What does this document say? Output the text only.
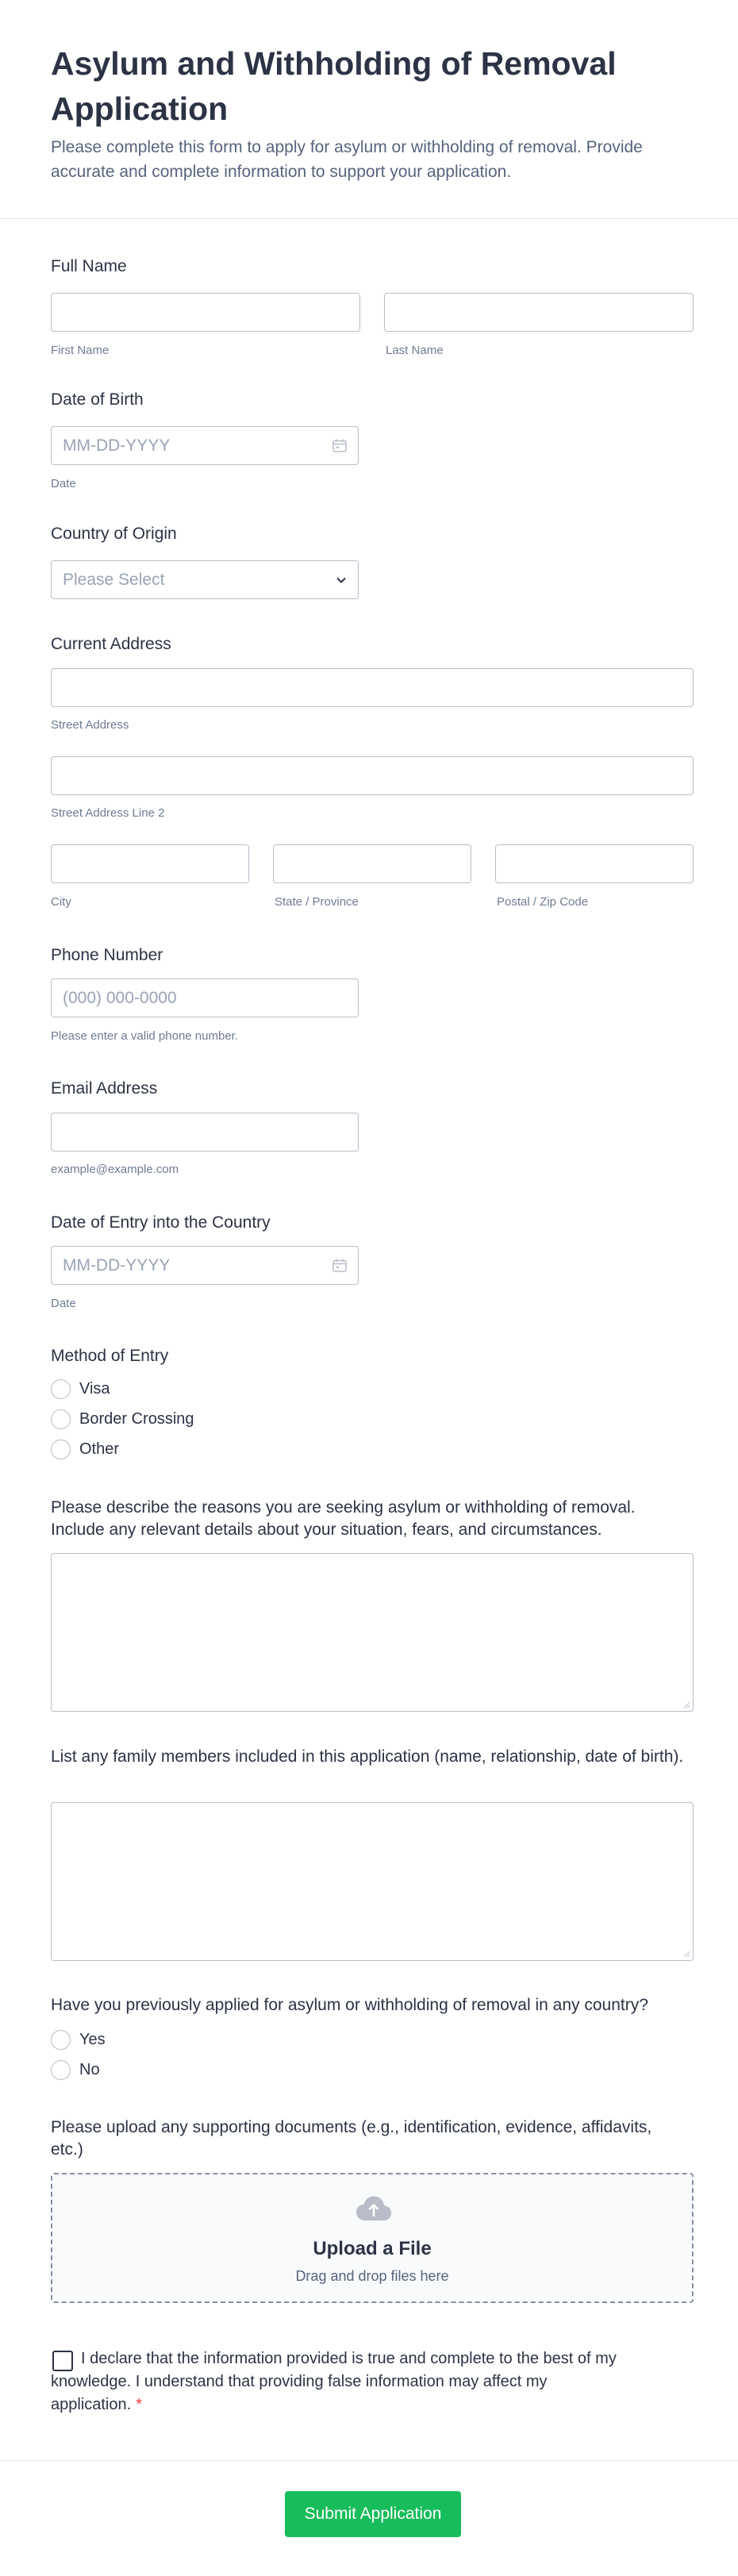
Asylum and Withholding of Removal Application
Please complete this form to apply for asylum or withholding of removal. Provide accurate and complete information to support your application.
Full Name
First Name	Last Name
Date of Birth
MM-DD-YYYY
Date
Country of Origin
Please Select
Current Address
Street Address
Street Address Line 2
City	State / Province	Postal / Zip Code
Phone Number
(000) 000-0000
Please enter a valid phone number.
Email Address
example@example.com
Date of Entry into the Country
MM-DD-YYYY
Date
Method of Entry
Visa
Border Crossing
Other
Please describe the reasons you are seeking asylum or withholding of removal. Include any relevant details about your situation, fears, and circumstances.
List any family members included in this application (name, relationship, date of birth).
Have you previously applied for asylum or withholding of removal in any country?
Yes
No
Please upload any supporting documents (e.g., identification, evidence, affidavits, etc.)
Upload a File
Drag and drop files here
I declare that the information provided is true and complete to the best of my knowledge. I understand that providing false information may affect my application. *
Submit Application
